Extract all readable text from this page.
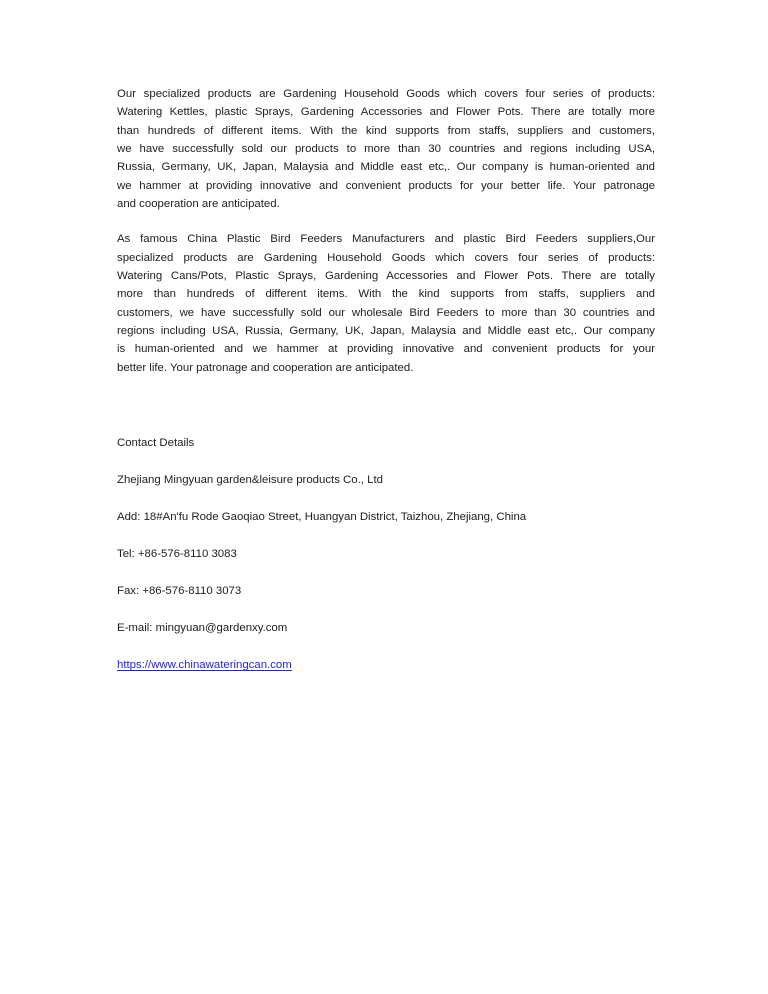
Our specialized products are Gardening Household Goods which covers four series of products:
Watering Kettles, plastic Sprays, Gardening Accessories and Flower Pots. There are totally more
than hundreds of different items. With the kind supports from staffs, suppliers and customers,
we have successfully sold our products to more than 30 countries and regions including USA,
Russia, Germany, UK, Japan, Malaysia and Middle east etc,. Our company is human-oriented and
we hammer at providing innovative and convenient products for your better life. Your patronage
and cooperation are anticipated.

As famous China Plastic Bird Feeders Manufacturers and plastic Bird Feeders suppliers,Our
specialized products are Gardening Household Goods which covers four series of products:
Watering Cans/Pots, Plastic Sprays, Gardening Accessories and Flower Pots. There are totally
more than hundreds of different items. With the kind supports from staffs, suppliers and
customers, we have successfully sold our wholesale Bird Feeders to more than 30 countries and
regions including USA, Russia, Germany, UK, Japan, Malaysia and Middle east etc,. Our company
is human-oriented and we hammer at providing innovative and convenient products for your
better life. Your patronage and cooperation are anticipated.

Contact Details

Zhejiang Mingyuan garden&leisure products Co., Ltd

Add: 18#An'fu Rode Gaoqiao Street, Huangyan District, Taizhou, Zhejiang, China

Tel: +86-576-8110 3083

Fax: +86-576-8110 3073

E-mail: mingyuan@gardenxy.com

https://www.chinawateringcan.com
